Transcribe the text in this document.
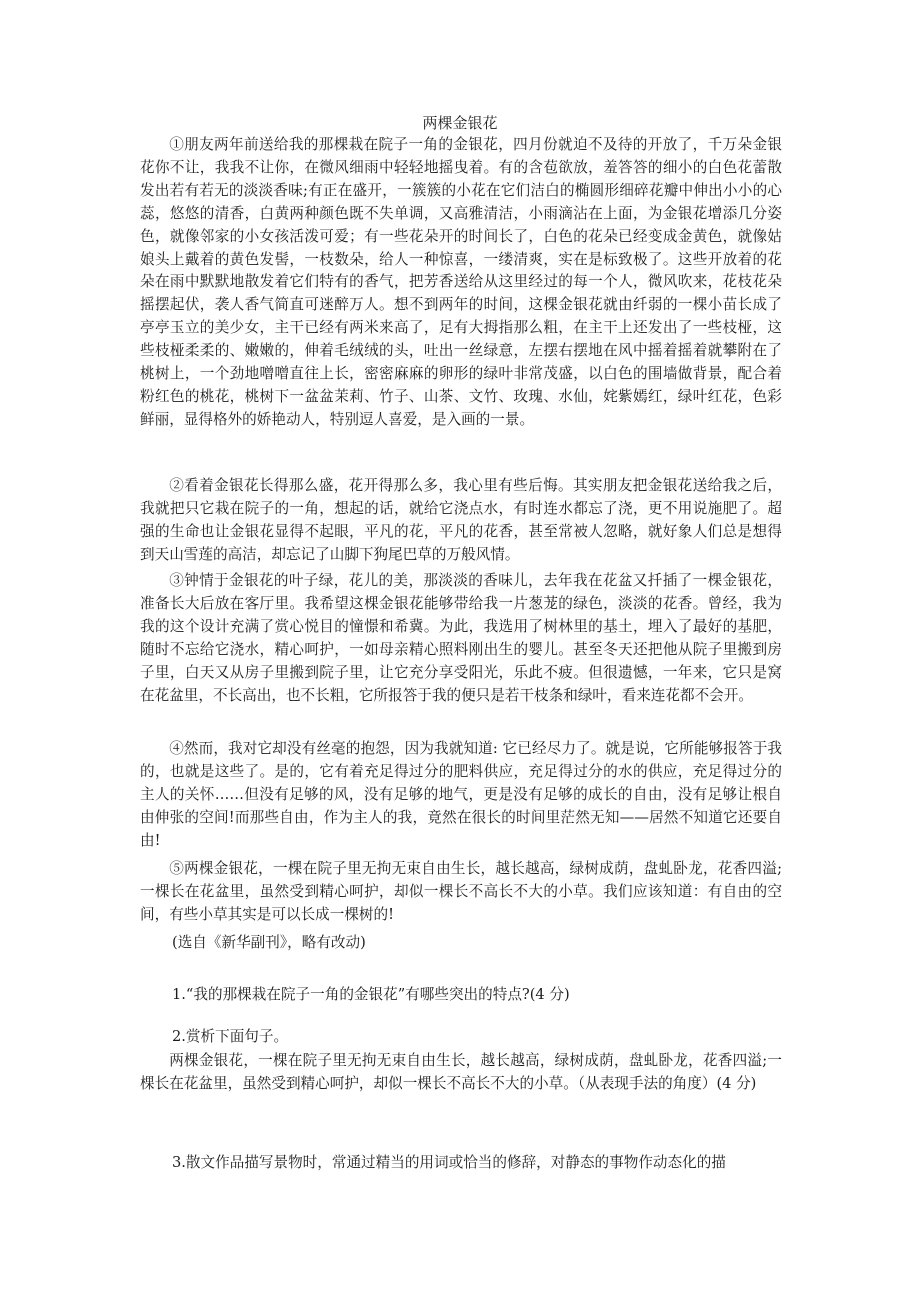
两棵金银花

①朋友两年前送给我的那棵栽在院子一角的金银花，四月份就迫不及待的开放了，千万朵金银花你不让，我我不让你，在微风细雨中轻轻地摇曳着。有的含苞欲放，羞答答的细小的白色花蕾散发出若有若无的淡淡香味;有正在盛开，一簇簇的小花在它们洁白的椭圆形细碎花瓣中伸出小小的心蕊，悠悠的清香，白黄两种颜色既不失单调，又高雅清洁，小雨滴沾在上面，为金银花增添几分姿色，就像邻家的小女孩活泼可爱；有一些花朵开的时间长了，白色的花朵已经变成金黄色，就像姑娘头上戴着的黄色发髻，一枝数朵，给人一种惊喜，一缕清爽，实在是标致极了。这些开放着的花朵在雨中默默地散发着它们特有的香气，把芳香送给从这里经过的每一个人，微风吹来，花枝花朵摇摆起伏，袭人香气简直可迷醉万人。想不到两年的时间，这棵金银花就由纤弱的一棵小苗长成了亭亭玉立的美少女，主干已经有两米来高了，足有大拇指那么粗，在主干上还发出了一些枝桠，这些枝桠柔柔的、嫩嫩的，伸着毛绒绒的头，吐出一丝绿意，左摆右摆地在风中摇着摇着就攀附在了桃树上，一个劲地噌噌直往上长，密密麻麻的卵形的绿叶非常茂盛，以白色的围墙做背景，配合着粉红色的桃花，桃树下一盆盆茉莉、竹子、山茶、文竹、玫瑰、水仙，姹紫嫣红，绿叶红花，色彩鲜丽，显得格外的娇艳动人，特别逗人喜爱，是入画的一景。

②看着金银花长得那么盛，花开得那么多，我心里有些后悔。其实朋友把金银花送给我之后，我就把只它栽在院子的一角，想起的话，就给它浇点水，有时连水都忘了浇，更不用说施肥了。超强的生命也让金银花显得不起眼，平凡的花，平凡的花香，甚至常被人忽略，就好象人们总是想得到天山雪莲的高洁，却忘记了山脚下狗尾巴草的万般风情。

③钟情于金银花的叶子绿，花儿的美，那淡淡的香味儿，去年我在花盆又扦插了一棵金银花，准备长大后放在客厅里。我希望这棵金银花能够带给我一片葱茏的绿色，淡淡的花香。曾经，我为我的这个设计充满了赏心悦目的憧憬和希冀。为此，我选用了树林里的基土，埋入了最好的基肥，随时不忘给它浇水，精心呵护，一如母亲精心照料刚出生的婴儿。甚至冬天还把他从院子里搬到房子里，白天又从房子里搬到院子里，让它充分享受阳光，乐此不疲。但很遗憾，一年来，它只是窝在花盆里，不长高出，也不长粗，它所报答于我的便只是若干枝条和绿叶，看来连花都不会开。

④然而，我对它却没有丝毫的抱怨，因为我就知道: 它已经尽力了。就是说，它所能够报答于我的，也就是这些了。是的，它有着充足得过分的肥料供应，充足得过分的水的供应，充足得过分的主人的关怀……但没有足够的风，没有足够的地气，更是没有足够的成长的自由，没有足够让根自由伸张的空间!而那些自由，作为主人的我，竟然在很长的时间里茫然无知——居然不知道它还要自由!

⑤两棵金银花，一棵在院子里无拘无束自由生长，越长越高，绿树成荫，盘虬卧龙，花香四溢;一棵长在花盆里，虽然受到精心呵护，却似一棵长不高长不大的小草。我们应该知道：有自由的空间，有些小草其实是可以长成一棵树的!

(选自《新华副刊》，略有改动)

1.“我的那棵栽在院子一角的金银花”有哪些突出的特点?(4 分)

2.赏析下面句子。

两棵金银花，一棵在院子里无拘无束自由生长，越长越高，绿树成荫，盘虬卧龙，花香四溢;一棵长在花盆里，虽然受到精心呵护，却似一棵长不高长不大的小草。（从表现手法的角度）(4 分)

3.散文作品描写景物时，常通过精当的用词或恰当的修辞，对静态的事物作动态化的描
